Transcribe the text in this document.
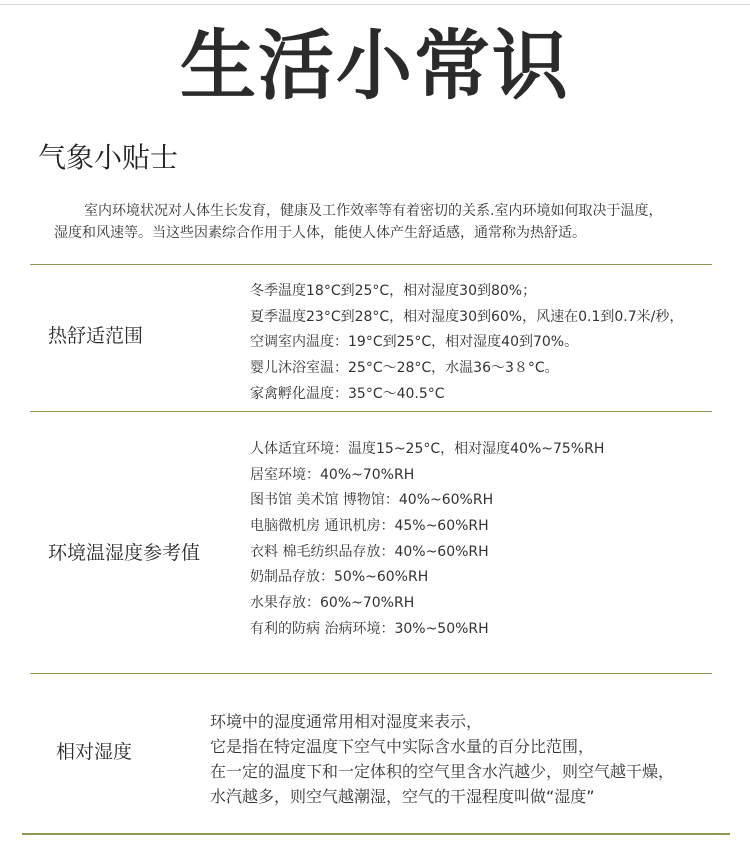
生活小常识
气象小贴士

室内环境状况对人体生长发育，健康及工作效率等有着密切的关系.室内环境如何取决于温度，

湿度和风速等。当这些因素综合作用于人体，能使人体产生舒适感，通常称为热舒适。

热舒适范围
冬季温度18°C到25°C，相对湿度30到80%；
夏季温度23°C到28°C，相对湿度30到60%，风速在0.1到0.7米/秒，
空调室内温度：19°C到25°C，相对湿度40到70%。
婴儿沐浴室温：25°C～28°C，水温36～3８°C。
家禽孵化温度：35°C～40.5°C
环境温湿度参考值
人体适宜环境：温度15~25°C，相对湿度40%~75%RH
居室环境：40%~70%RH
图书馆 美术馆 博物馆：40%~60%RH
电脑微机房 通讯机房：45%~60%RH
衣料 棉毛纺织品存放：40%~60%RH
奶制品存放：50%~60%RH
水果存放：60%~70%RH
有利的防病 治病环境：30%~50%RH
相对湿度
环境中的湿度通常用相对湿度来表示，
它是指在特定温度下空气中实际含水量的百分比范围，
在一定的温度下和一定体积的空气里含水汽越少，则空气越干燥，
水汽越多，则空气越潮湿，空气的干湿程度叫做“湿度”
